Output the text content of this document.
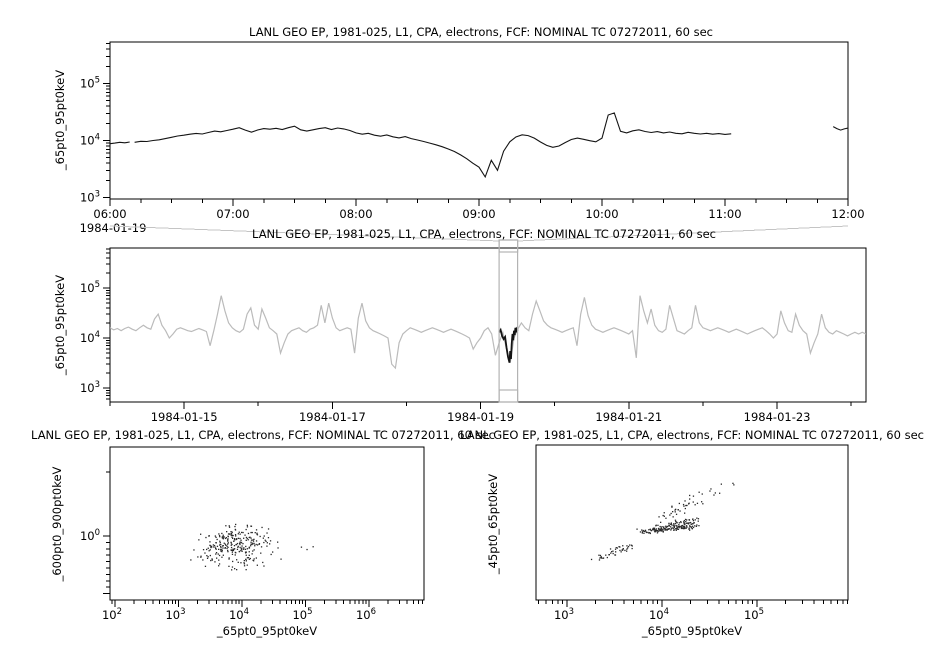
06:00	07:00	08:00	09:00	10:00	11:00	12:00
$10^3$
$10^4$
$10^5$
1984-01-19
1984-01-15	1984-01-17	1984-01-19	1984-01-21	1984-01-23
$10^3$
$10^4$
$10^5$
$10^2$	$10^3$	$10^4$	$10^5$	$10^6$
$10^0$
$10^3$	$10^4$	$10^5$
LANL GEO EP, 1981-025, L1, CPA, electrons, FCF: NOMINAL TC 07272011, 60 sec
_65pt0_95pt0keV
LANL GEO EP, 1981-025, L1, CPA, electrons, FCF: NOMINAL TC 07272011, 60 sec
_65pt0_95pt0keV
LANL GEO EP, 1981-025, L1, CPA, electrons, FCF: NOMINAL TC 07272011, 60 sec
_600pt0_900pt0keV
_65pt0_95pt0keV
LANL GEO EP, 1981-025, L1, CPA, electrons, FCF: NOMINAL TC 07272011, 60 sec
_45pt0_65pt0keV
_65pt0_95pt0keV
